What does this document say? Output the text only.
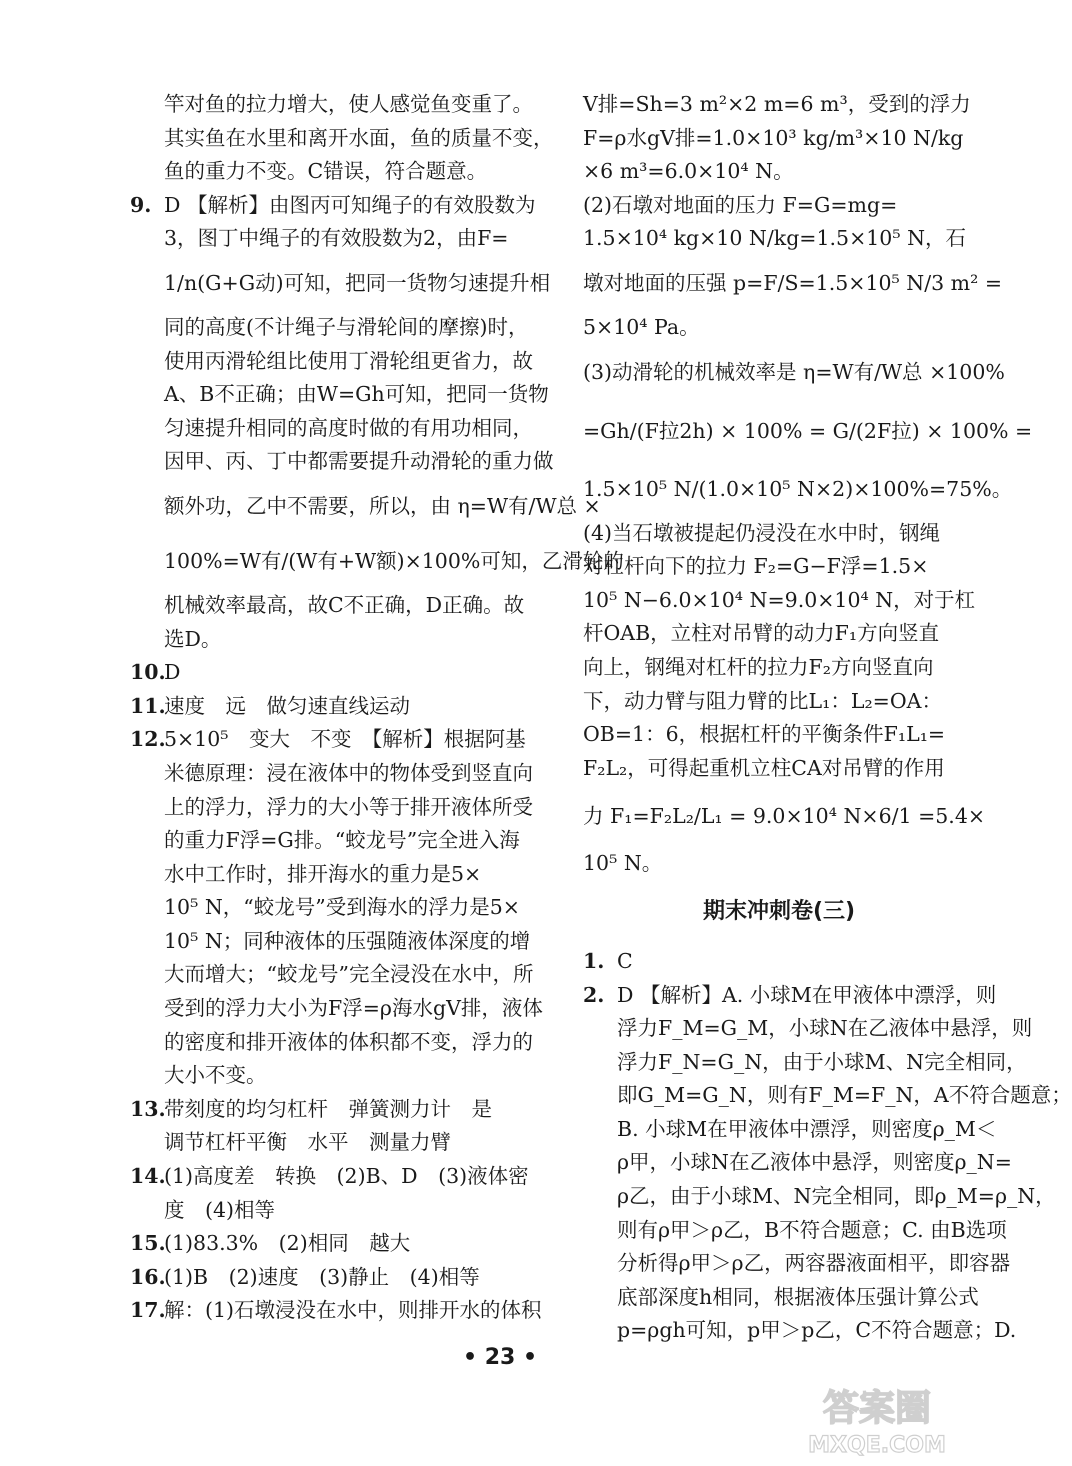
竿对鱼的拉力增大，使人感觉鱼变重了。
其实鱼在水里和离开水面，鱼的质量不变，
鱼的重力不变。C错误，符合题意。
9. D 【解析】由图丙可知绳子的有效股数为
3，图丁中绳子的有效股数为2，由F=
1/n(G+G动)可知，把同一货物匀速提升相
同的高度(不计绳子与滑轮间的摩擦)时，
使用丙滑轮组比使用丁滑轮组更省力，故
A、B不正确；由W=Gh可知，把同一货物
匀速提升相同的高度时做的有用功相同，
因甲、丙、丁中都需要提升动滑轮的重力做
额外功，乙中不需要，所以，由 η=W有/W总 ×
100%=W有/(W有+W额)×100%可知，乙滑轮的
机械效率最高，故C不正确，D正确。故
选D。
10.D
11.速度　远　做匀速直线运动
12.5×10⁵　变大　不变　【解析】根据阿基
米德原理：浸在液体中的物体受到竖直向
上的浮力，浮力的大小等于排开液体所受
的重力F浮=G排。“蛟龙号”完全进入海
水中工作时，排开海水的重力是5×
10⁵ N，“蛟龙号”受到海水的浮力是5×
10⁵ N；同种液体的压强随液体深度的增
大而增大；“蛟龙号”完全浸没在水中，所
受到的浮力大小为F浮=ρ海水gV排，液体
的密度和排开液体的体积都不变，浮力的
大小不变。
13.带刻度的均匀杠杆　弹簧测力计　是
调节杠杆平衡　水平　测量力臂
14.(1)高度差　转换　(2)B、D　(3)液体密
度　(4)相等
15.(1)83.3%　(2)相同　越大
16.(1)B　(2)速度　(3)静止　(4)相等
17.解：(1)石墩浸没在水中，则排开水的体积
V排=Sh=3 m²×2 m=6 m³，受到的浮力
F=ρ水gV排=1.0×10³ kg/m³×10 N/kg
×6 m³=6.0×10⁴ N。
(2)石墩对地面的压力 F=G=mg=
1.5×10⁴ kg×10 N/kg=1.5×10⁵ N，石
墩对地面的压强 p=F/S=1.5×10⁵ N/3 m² =
5×10⁴ Pa。
(3)动滑轮的机械效率是 η=W有/W总 ×100%
=Gh/(F拉2h) × 100% = G/(2F拉) × 100% =
1.5×10⁵ N/(1.0×10⁵ N×2)×100%=75%。
(4)当石墩被提起仍浸没在水中时，钢绳
对杠杆向下的拉力 F₂=G−F浮=1.5×
10⁵ N−6.0×10⁴ N=9.0×10⁴ N，对于杠
杆OAB，立柱对吊臂的动力F₁方向竖直
向上，钢绳对杠杆的拉力F₂方向竖直向
下，动力臂与阻力臂的比L₁：L₂=OA：
OB=1：6，根据杠杆的平衡条件F₁L₁=
F₂L₂，可得起重机立柱CA对吊臂的作用
力 F₁=F₂L₂/L₁ = 9.0×10⁴ N×6/1 =5.4×
10⁵ N。
期末冲刺卷(三)
1. C
2. D 【解析】A. 小球M在甲液体中漂浮，则
浮力F_M=G_M，小球N在乙液体中悬浮，则
浮力F_N=G_N，由于小球M、N完全相同，
即G_M=G_N，则有F_M=F_N，A不符合题意；
B. 小球M在甲液体中漂浮，则密度ρ_M＜
ρ甲，小球N在乙液体中悬浮，则密度ρ_N=
ρ乙，由于小球M、N完全相同，即ρ_M=ρ_N，
则有ρ甲＞ρ乙，B不符合题意；C. 由B选项
分析得ρ甲＞ρ乙，两容器液面相平，即容器
底部深度h相同，根据液体压强计算公式
p=ρgh可知，p甲＞p乙，C不符合题意；D.
• 23 •
答案圈
MXQE.COM
